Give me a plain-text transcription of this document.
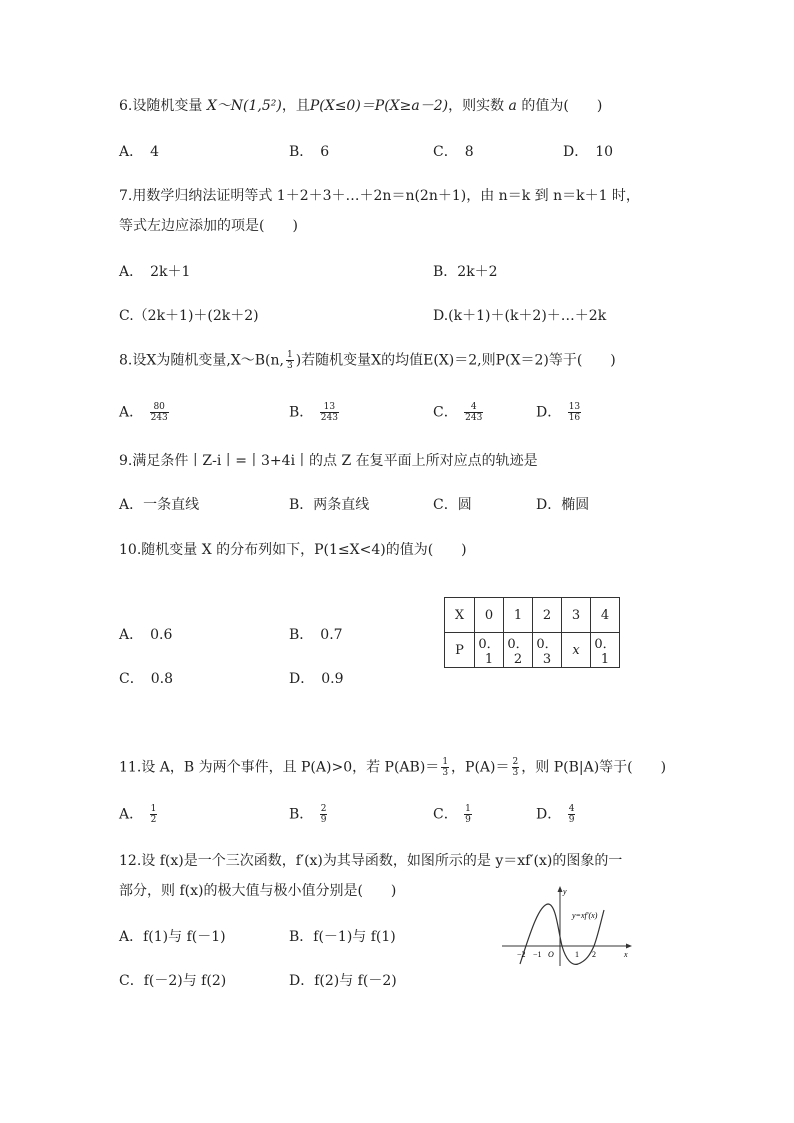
6.设随机变量 X～N(1,5²)，且P(X≤0)＝P(X≥a－2)，则实数 a 的值为(　　)
A．　4	B．　6	C．　8	D．　10
7.用数学归纳法证明等式 1＋2＋3＋…＋2n＝n(2n＋1)，由 n＝k 到 n＝k＋1 时，
等式左边应添加的项是(　　)
A．　2k＋1	B．2k＋2
C.（2k＋1)＋(2k＋2)	D.(k＋1)＋(k＋2)＋…＋2k
8.设X为随机变量,X～B(n, $\frac{1}{3}$ )若随机变量X的均值E(X)＝2,则P(X＝2)等于(　　)
A． $\frac{80}{243}$	B． $\frac{13}{243}$	C． $\frac{4}{243}$	D． $\frac{13}{16}$
9.满足条件丨Z-i丨=丨3+4i丨的点 Z 在复平面上所对应点的轨迹是
A．一条直线	B．两条直线	C．圆	D．椭圆
10.随机变量 X 的分布列如下，P(1≤X<4)的值为(　　)
A．　0.6	B．　0.7
C．　0.8	D．　0.9
X	0	1	2	3	4
P	0．1	0．2	0．3	x	0．1
11.设 A，B 为两个事件，且 P(A)>0，若 $P(AB)= \frac{1}{3}$ ，$P(A)= \frac{2}{3}$ ，则 P(B|A)等于(　　)
A． $\frac{1}{2}$	B． $\frac{2}{9}$	C． $\frac{1}{9}$	D． $\frac{4}{9}$
12.设 f(x)是一个三次函数，f′(x)为其导函数，如图所示的是 y＝xf′(x)的图象的一
部分，则 f(x)的极大值与极小值分别是(　　)
A．f(1)与 f(－1)	B．f(－1)与 f(1)
C．f(－2)与 f(2)	D．f(2)与 f(－2)
y
x
y=xf′(x)
−2 −1 O	1 2
